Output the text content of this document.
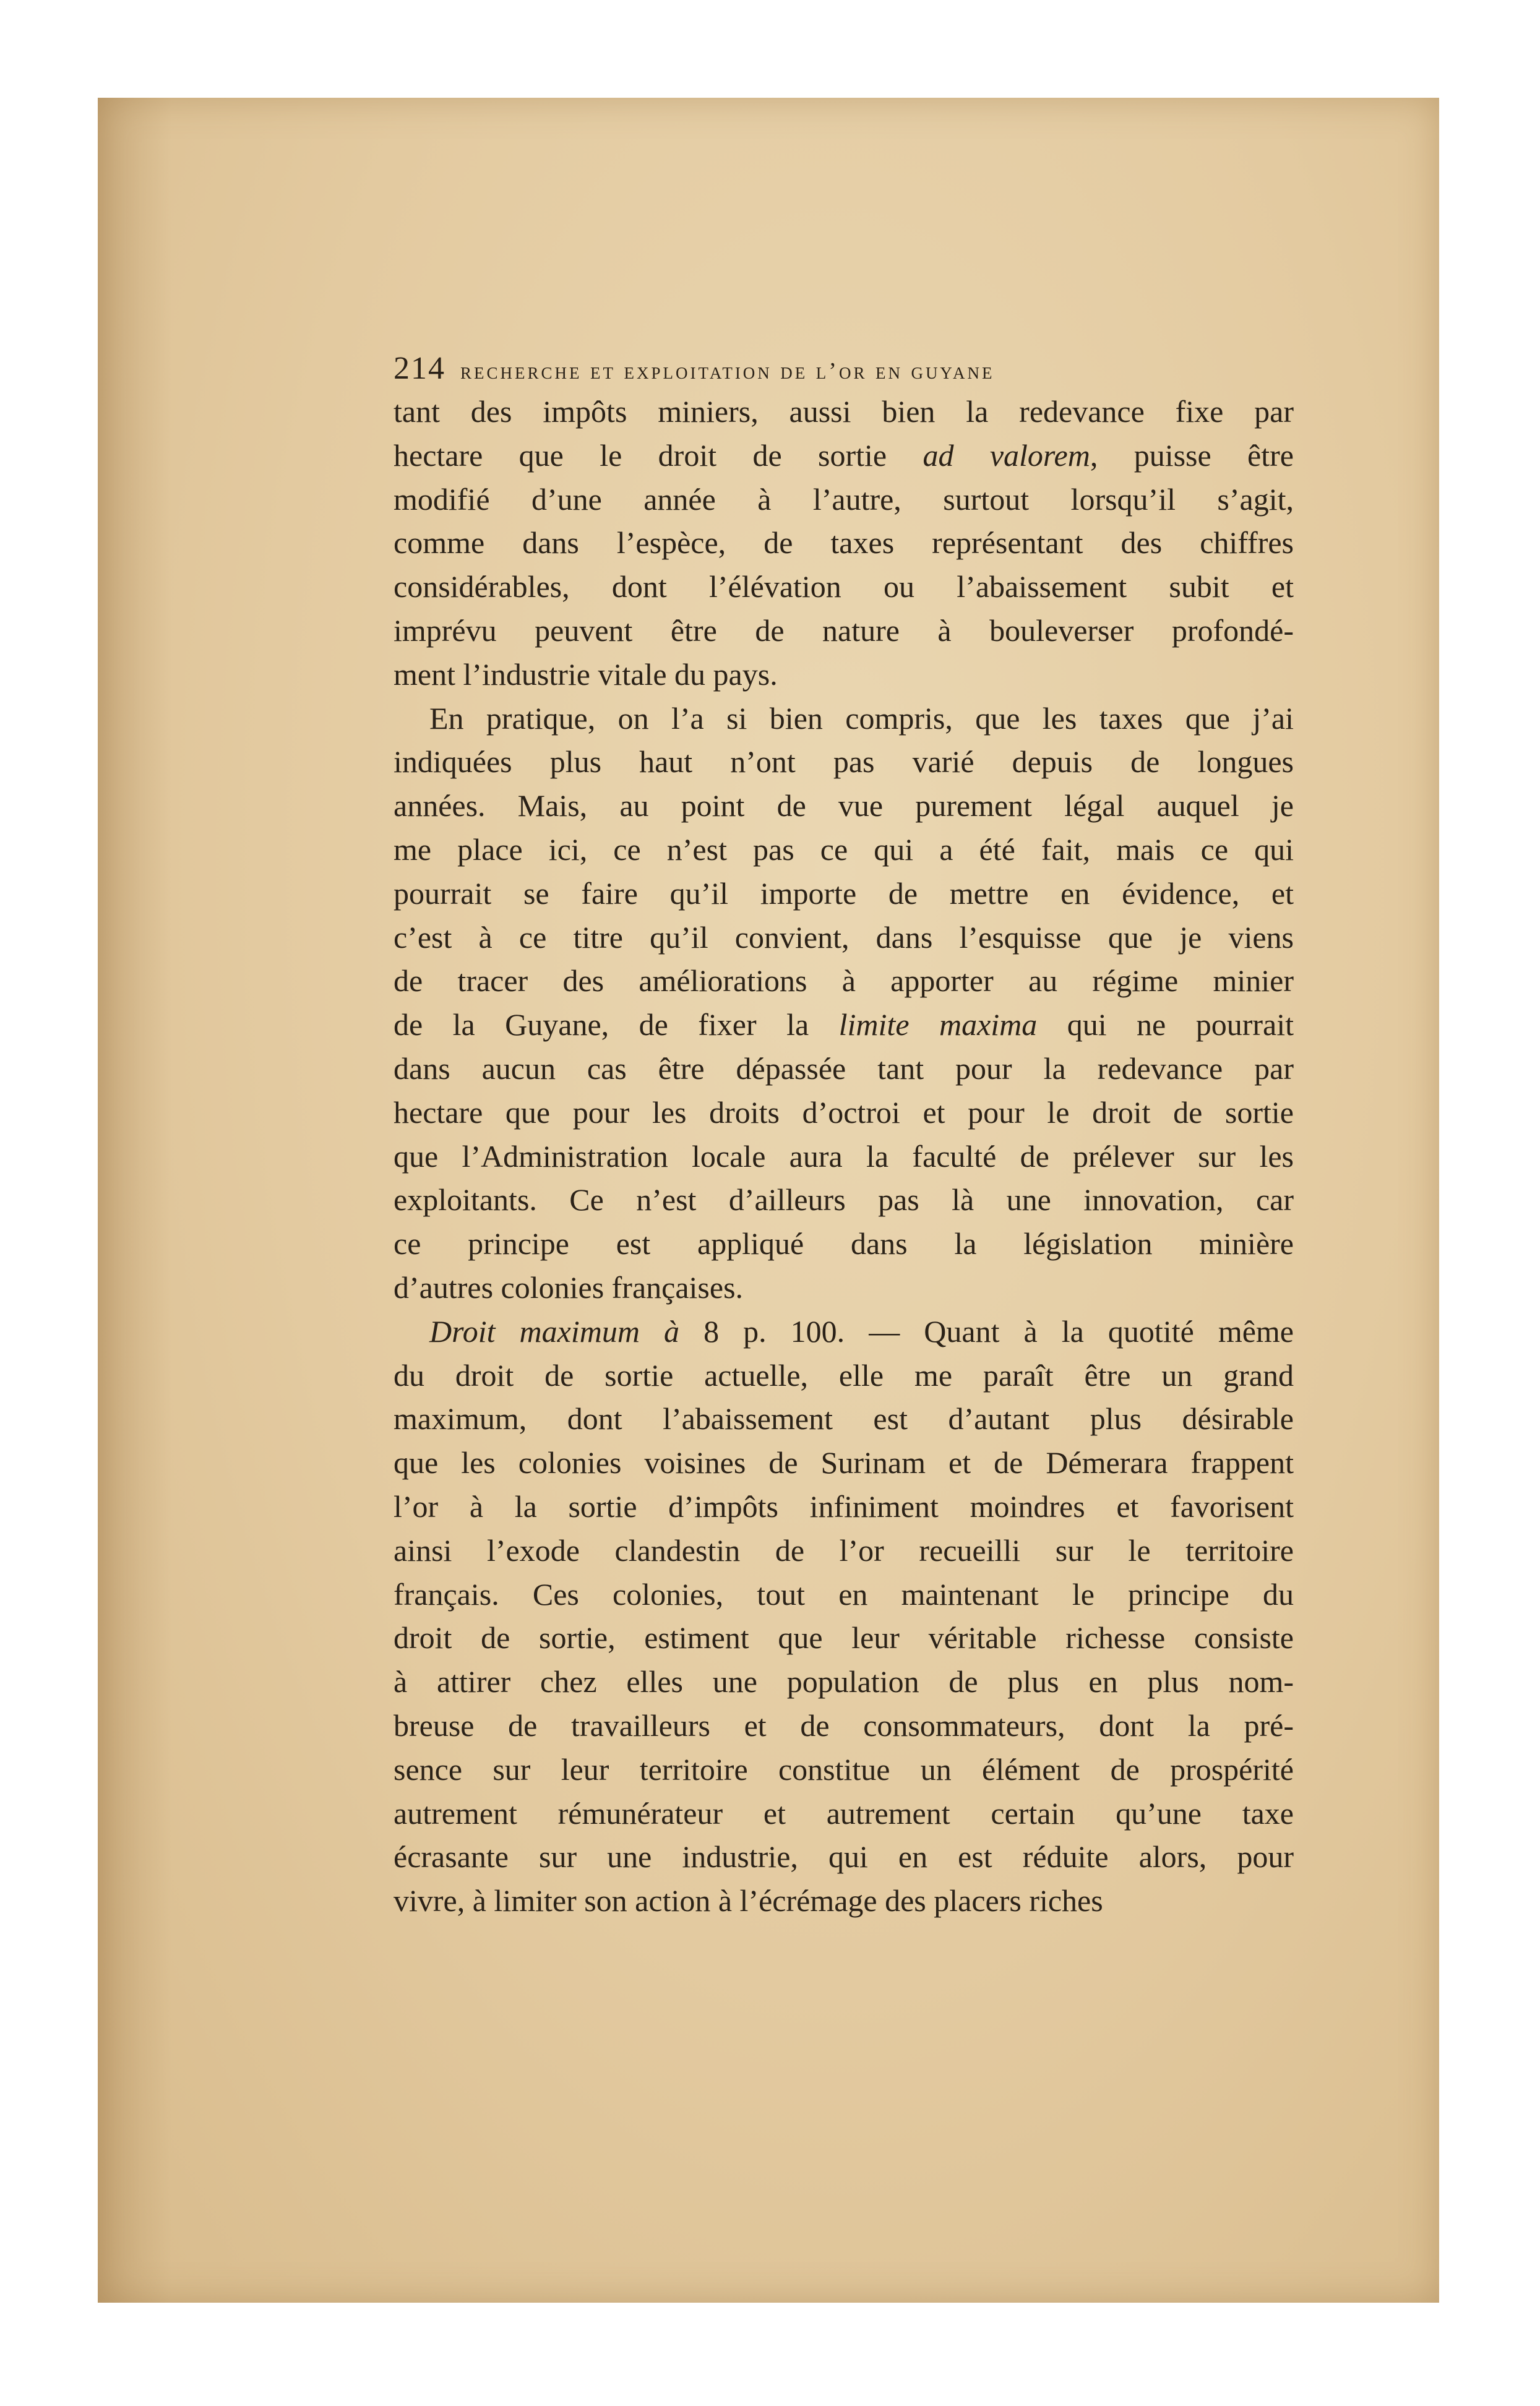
214 recherche et exploitation de l’or en guyane
tant des impôts miniers, aussi bien la redevance fixe par
hectare que le droit de sortie ad valorem, puisse être
modifié d’une année à l’autre, surtout lorsqu’il s’agit,
comme dans l’espèce, de taxes représentant des chiffres
considérables, dont l’élévation ou l’abaissement subit et
imprévu peuvent être de nature à bouleverser profondé-
ment l’industrie vitale du pays.
En pratique, on l’a si bien compris, que les taxes que j’ai
indiquées plus haut n’ont pas varié depuis de longues
années. Mais, au point de vue purement légal auquel je
me place ici, ce n’est pas ce qui a été fait, mais ce qui
pourrait se faire qu’il importe de mettre en évidence, et
c’est à ce titre qu’il convient, dans l’esquisse que je viens
de tracer des améliorations à apporter au régime minier
de la Guyane, de fixer la limite maxima qui ne pourrait
dans aucun cas être dépassée tant pour la redevance par
hectare que pour les droits d’octroi et pour le droit de sortie
que l’Administration locale aura la faculté de prélever sur les
exploitants. Ce n’est d’ailleurs pas là une innovation, car
ce principe est appliqué dans la législation minière
d’autres colonies françaises.
Droit maximum à 8 p. 100. — Quant à la quotité même
du droit de sortie actuelle, elle me paraît être un grand
maximum, dont l’abaissement est d’autant plus désirable
que les colonies voisines de Surinam et de Démerara frappent
l’or à la sortie d’impôts infiniment moindres et favorisent
ainsi l’exode clandestin de l’or recueilli sur le territoire
français. Ces colonies, tout en maintenant le principe du
droit de sortie, estiment que leur véritable richesse consiste
à attirer chez elles une population de plus en plus nom-
breuse de travailleurs et de consommateurs, dont la pré-
sence sur leur territoire constitue un élément de prospérité
autrement rémunérateur et autrement certain qu’une taxe
écrasante sur une industrie, qui en est réduite alors, pour
vivre, à limiter son action à l’écrémage des placers riches
